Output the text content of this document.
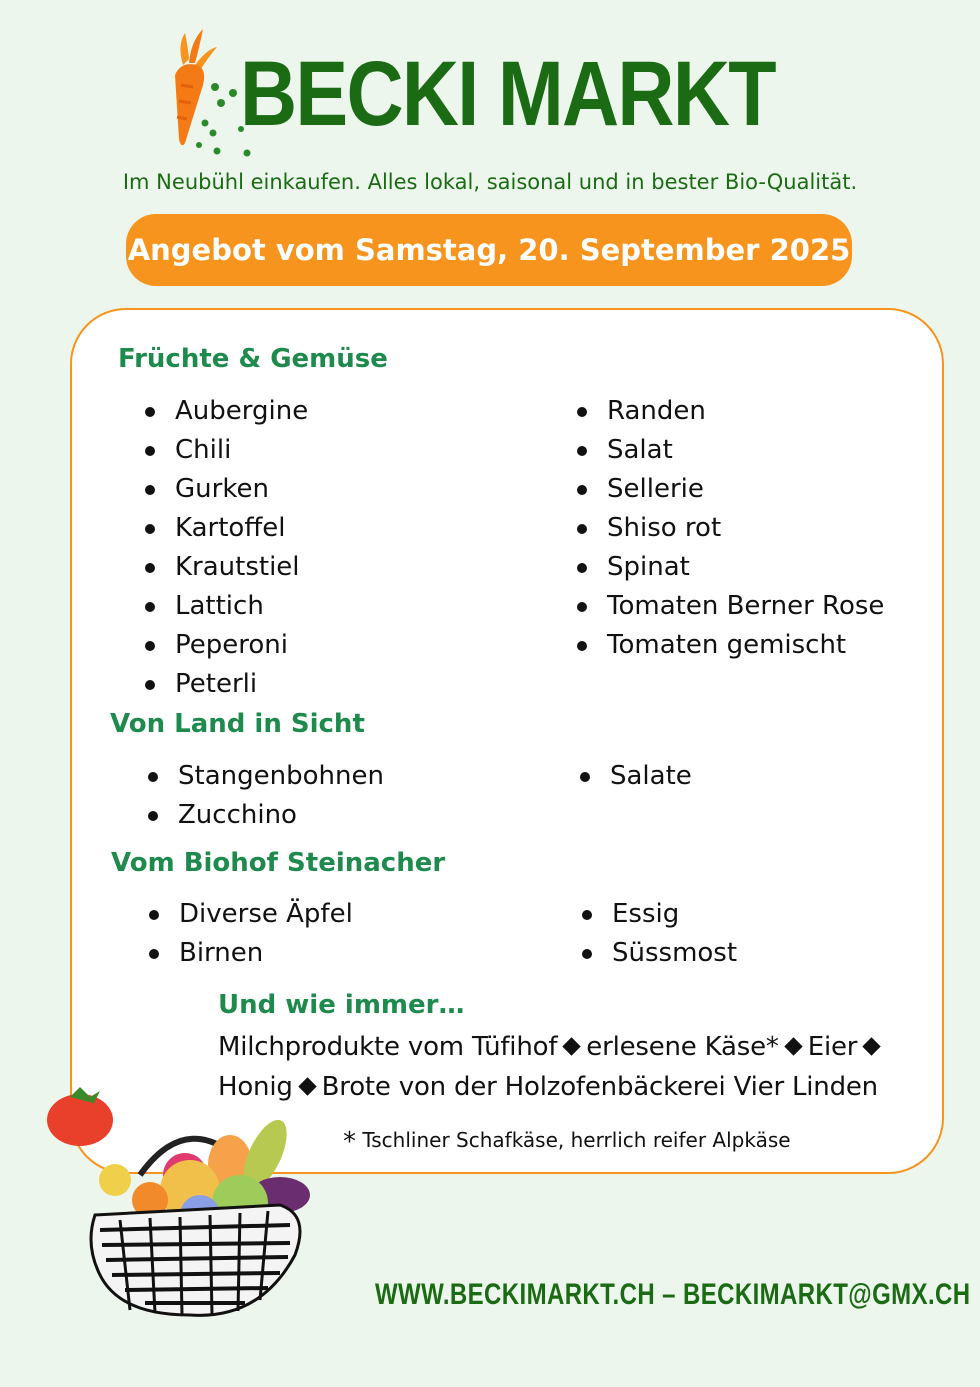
BECKI MARKT
Im Neubühl einkaufen. Alles lokal, saisonal und in bester Bio-Qualität.
Angebot vom Samstag, 20. September 2025
Früchte & Gemüse
Aubergine
Chili
Gurken
Kartoffel
Krautstiel
Lattich
Peperoni
Peterli
Randen
Salat
Sellerie
Shiso rot
Spinat
Tomaten Berner Rose
Tomaten gemischt
Von Land in Sicht
Stangenbohnen
Zucchino
Salate
Vom Biohof Steinacher
Diverse Äpfel
Birnen
Essig
Süssmost
Und wie immer…
Milchprodukte vom Tüfihof erlesene Käse* Eier
Honig Brote von der Holzofenbäckerei Vier Linden
* Tschliner Schafkäse, herrlich reifer Alpkäse
WWW.BECKIMARKT.CH – BECKIMARKT@GMX.CH
